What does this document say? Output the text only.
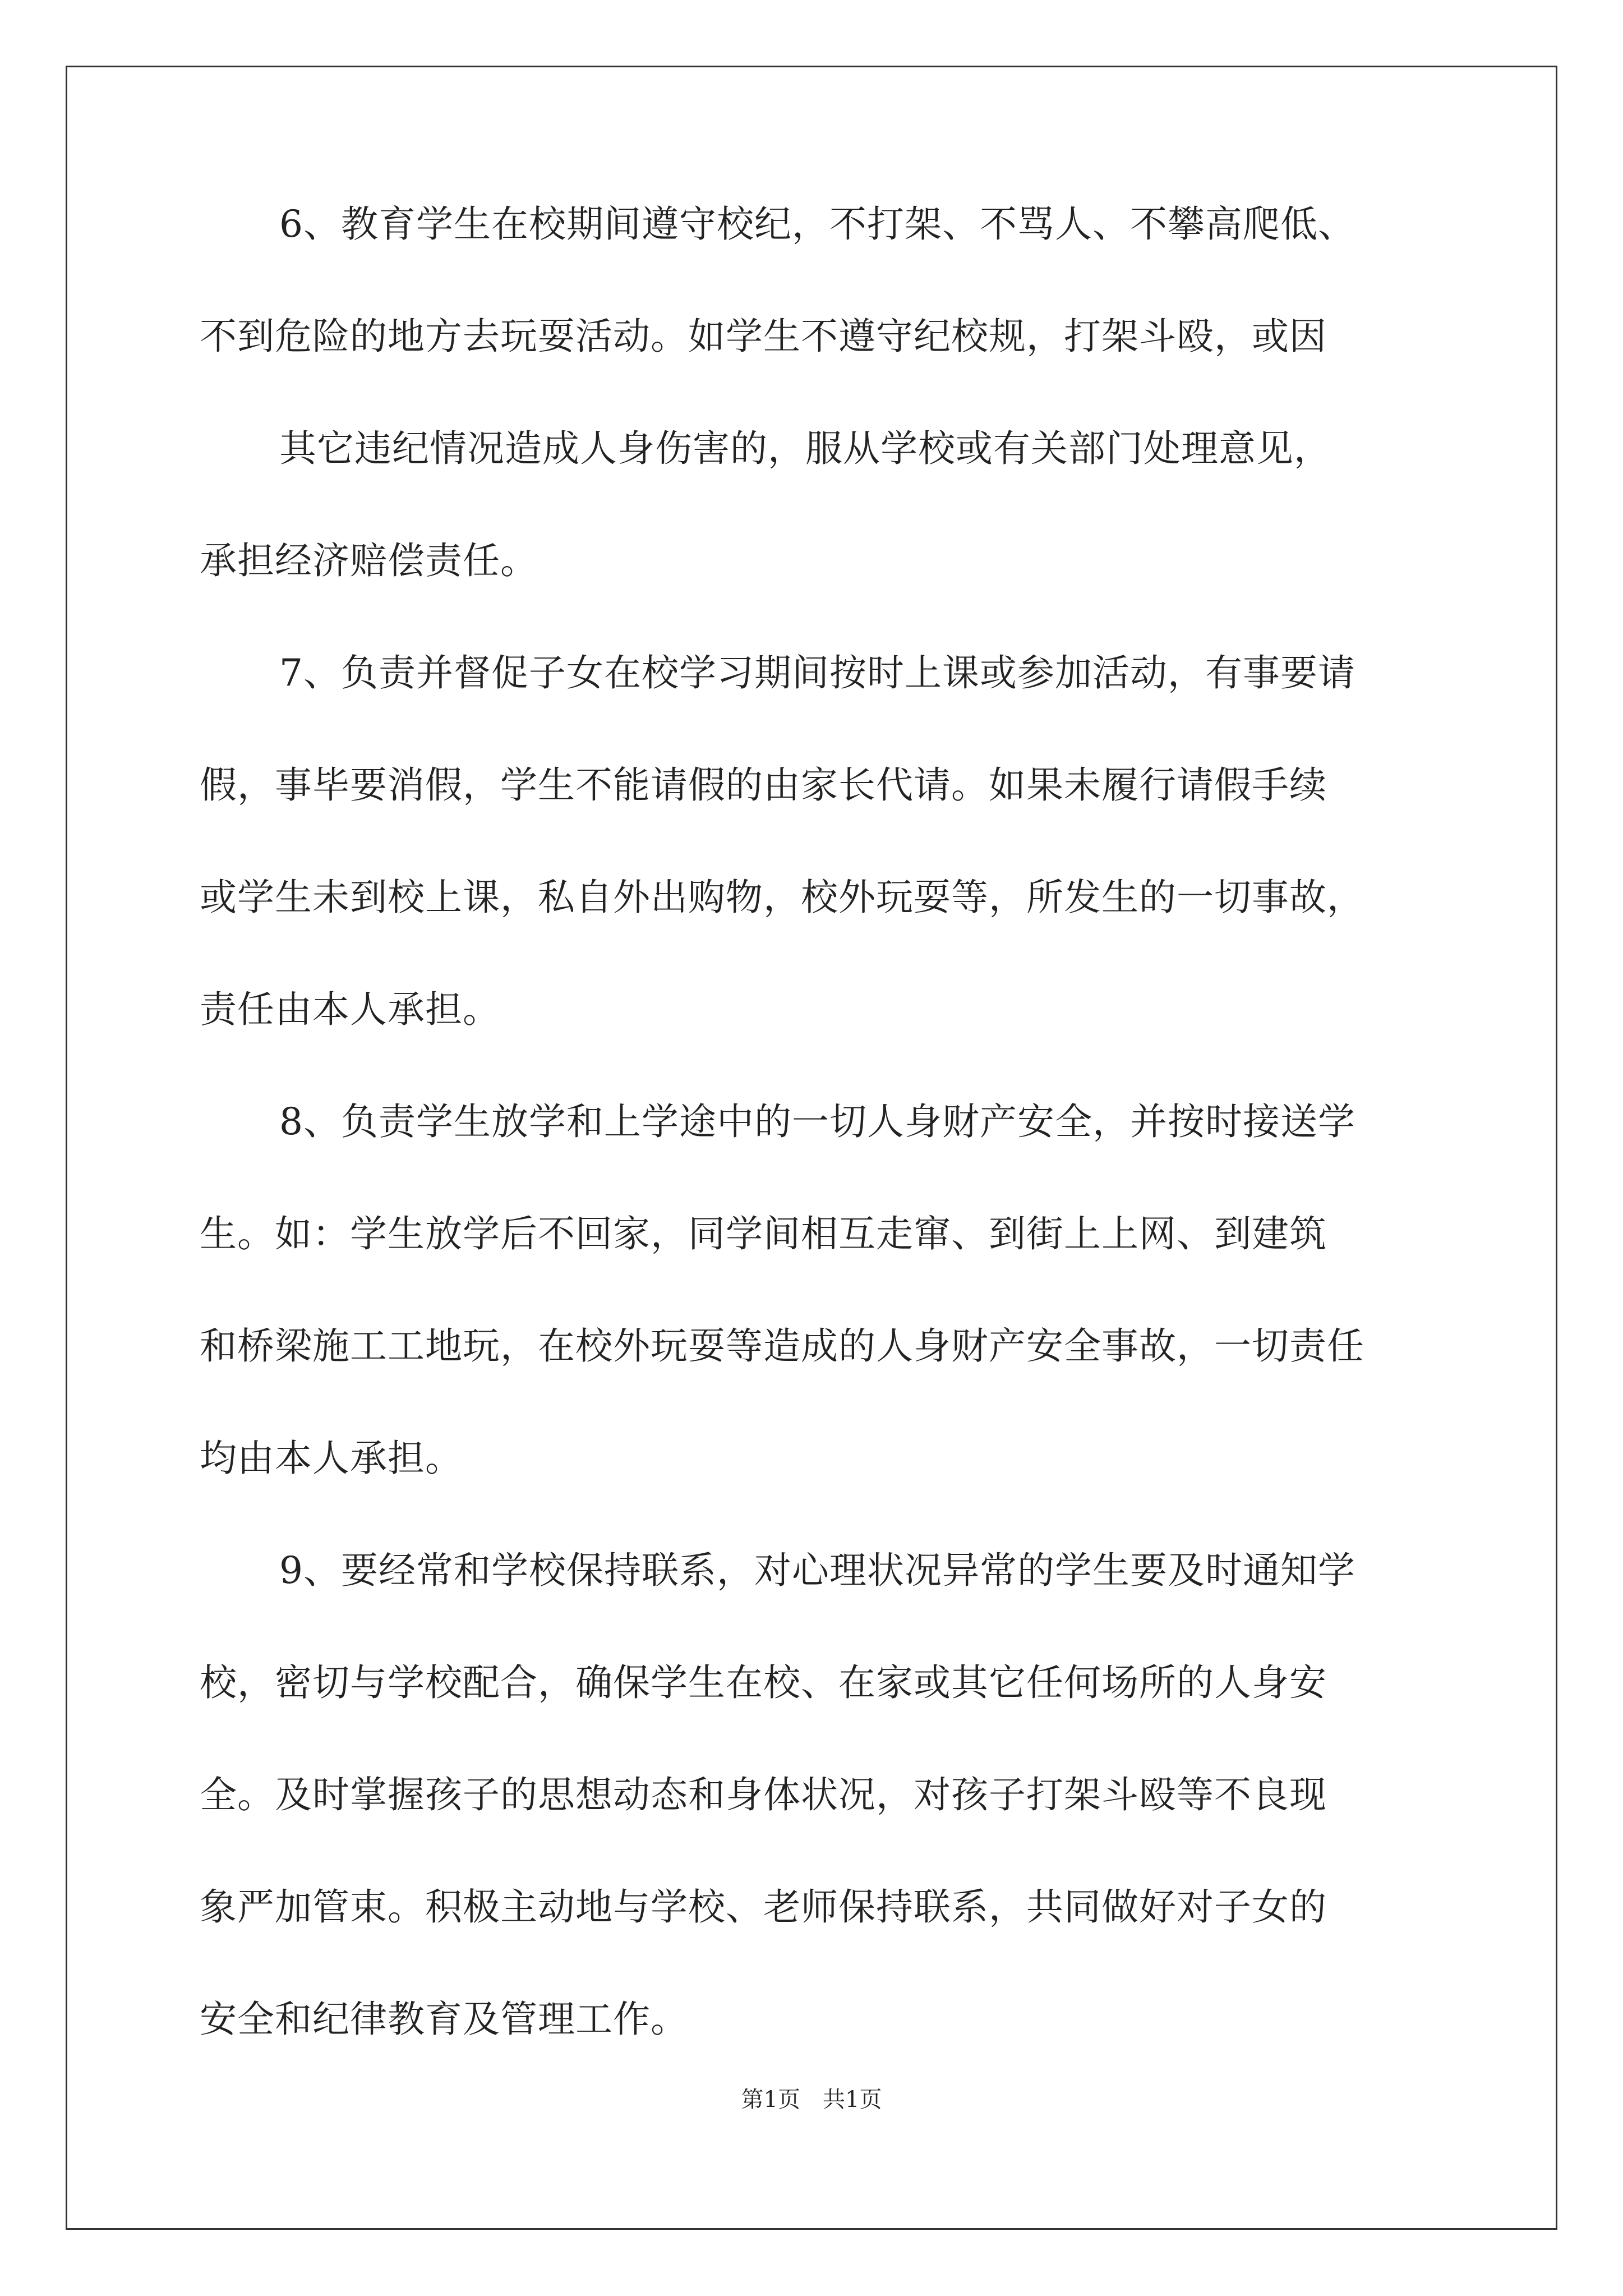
6、教育学生在校期间遵守校纪，不打架、不骂人、不攀高爬低、
不到危险的地方去玩耍活动。如学生不遵守纪校规，打架斗殴，或因
其它违纪情况造成人身伤害的，服从学校或有关部门处理意见，
承担经济赔偿责任。
7、负责并督促子女在校学习期间按时上课或参加活动，有事要请
假，事毕要消假，学生不能请假的由家长代请。如果未履行请假手续
或学生未到校上课，私自外出购物，校外玩耍等，所发生的一切事故，
责任由本人承担。
8、负责学生放学和上学途中的一切人身财产安全，并按时接送学
生。如：学生放学后不回家，同学间相互走窜、到街上上网、到建筑
和桥梁施工工地玩，在校外玩耍等造成的人身财产安全事故，一切责任
均由本人承担。
9、要经常和学校保持联系，对心理状况异常的学生要及时通知学
校，密切与学校配合，确保学生在校、在家或其它任何场所的人身安
全。及时掌握孩子的思想动态和身体状况，对孩子打架斗殴等不良现
象严加管束。积极主动地与学校、老师保持联系，共同做好对子女的
安全和纪律教育及管理工作。
第1页　共1页
